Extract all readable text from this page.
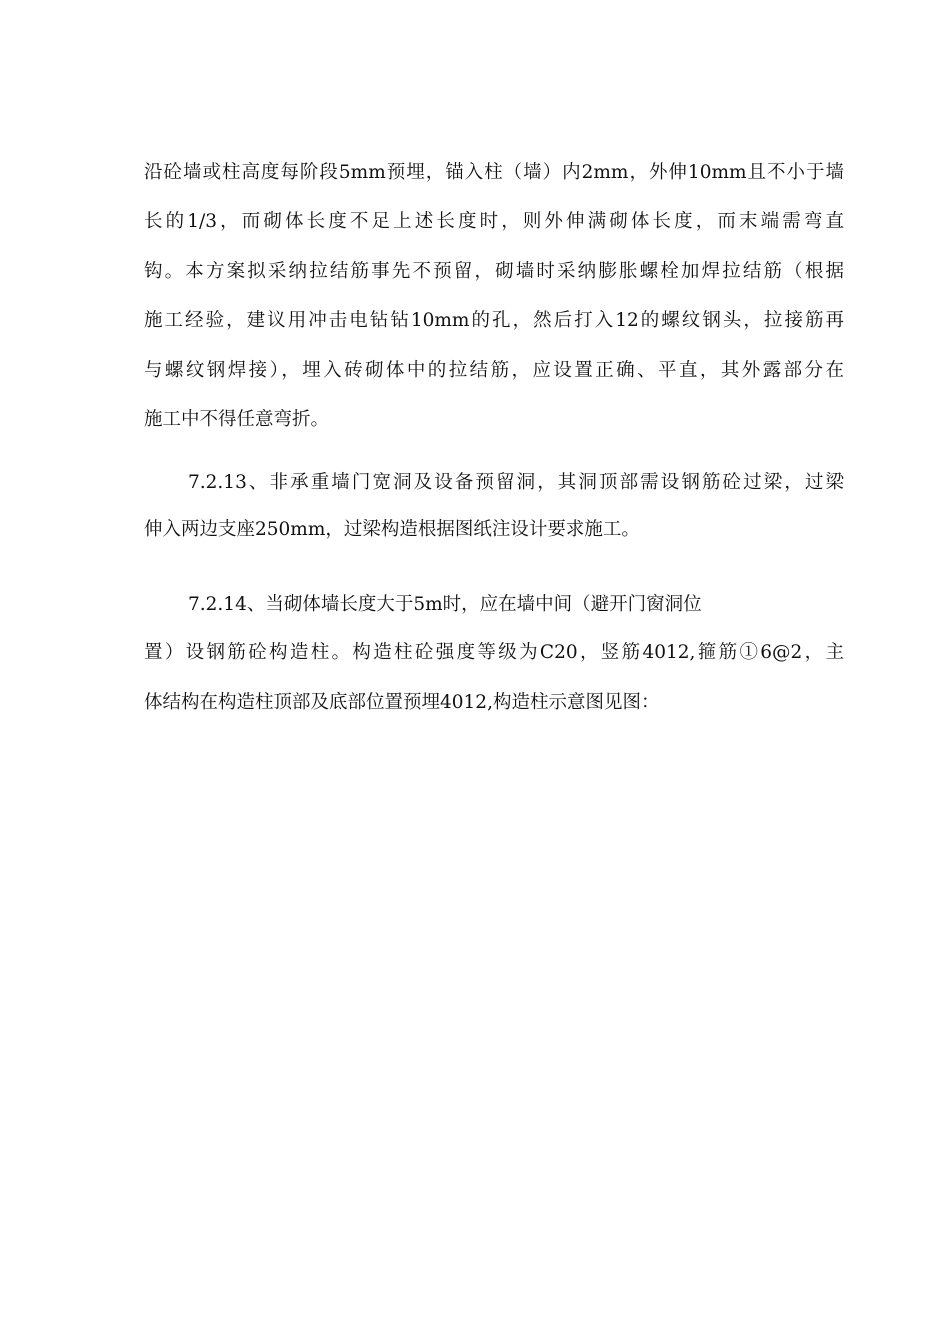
沿砼墙或柱高度每阶段5mm预埋，锚入柱（墙）内2mm，外伸10mm且不小于墙
长的1/3，而砌体长度不足上述长度时，则外伸满砌体长度，而末端需弯直
钩。本方案拟采纳拉结筋事先不预留，砌墙时采纳膨胀螺栓加焊拉结筋（根据
施工经验，建议用冲击电钻钻10mm的孔，然后打入12的螺纹钢头，拉接筋再
与螺纹钢焊接），埋入砖砌体中的拉结筋，应设置正确、平直，其外露部分在
施工中不得任意弯折。
7.2.13、非承重墙门宽洞及设备预留洞，其洞顶部需设钢筋砼过梁，过梁
伸入两边支座250mm，过梁构造根据图纸注设计要求施工。
7.2.14、当砌体墙长度大于5m时，应在墙中间（避开门窗洞位
置）设钢筋砼构造柱。构造柱砼强度等级为C20，竖筋4012,箍筋①6@2，主
体结构在构造柱顶部及底部位置预埋4012,构造柱示意图见图：
